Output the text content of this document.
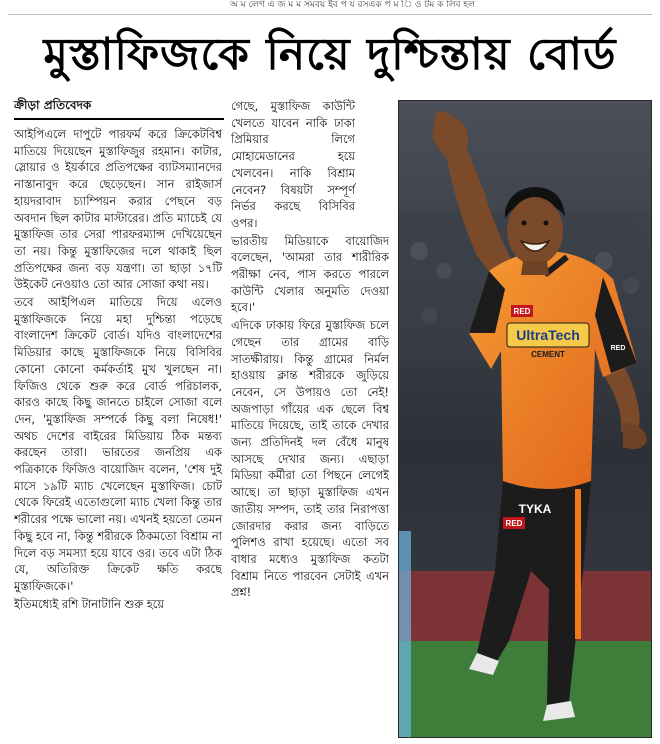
অ ম লেগ এ জ ম ম সমবয় ইব প য রসএক প ম ি ও টম ক লিব হল
মুস্তাফিজকে নিয়ে দুশ্চিন্তায় বোর্ড
ক্রীড়া প্রতিবেদক

আইপিএলে দাপুটে পারফর্ম করে ক্রিকেটবিশ্ব মাতিয়ে দিয়েছেন মুস্তাফিজুর রহমান। কাটার, স্লোয়ার ও ইয়র্কারে প্রতিপক্ষের ব্যাটসম্যানদের নাস্তানাবুদ করে ছেড়েছেন। সান রাইজার্স হায়দরাবাদ চ্যাম্পিয়ন করার পেছনে বড় অবদান ছিল কাটার মাস্টারের। প্রতি ম্যাচেই যে মুস্তাফিজ তার সেরা পারফরম্যান্স দেখিয়েছেন তা নয়। কিন্তু মুস্তাফিজের দলে থাকাই ছিল প্রতিপক্ষের জন্য বড় যন্ত্রণা। তা ছাড়া ১৭টি উইকেট নেওয়াও তো আর সোজা কথা নয়।

তবে আইপিএল মাতিয়ে দিয়ে এলেও মুস্তাফিজকে নিয়ে মহা দুশ্চিন্তা পড়েছে বাংলাদেশ ক্রিকেট বোর্ড। যদিও বাংলাদেশের মিডিয়ার কাছে মুস্তাফিজকে নিয়ে বিসিবির কোনো কোনো কর্মকর্তাই মুখ খুলছেন না। ফিজিও থেকে শুরু করে বোর্ড পরিচালক, কারও কাছে কিছু জানতে চাইলে সোজা বলে দেন, 'মুস্তাফিজ সম্পর্কে কিছু বলা নিষেধ!' অথচ দেশের বাইরের মিডিয়ায় ঠিক মন্তব্য করছেন তারা। ভারতের জনপ্রিয় এক পত্রিকাকে ফিজিও বায়োজিদ বলেন, 'শেষ দুই মাসে ১৯টি ম্যাচ খেলেছেন মুস্তাফিজ। চোট থেকে ফিরেই এতোগুলো ম্যাচ খেলা কিন্তু তার শরীরের পক্ষে ভালো নয়। এখনই হয়তো তেমন কিছু হবে না, কিন্তু শরীরকে ঠিকমতো বিশ্রাম না দিলে বড় সমস্যা হয়ে যাবে ওর। তবে এটা ঠিক যে, অতিরিক্ত ক্রিকেট ক্ষতি করছে মুস্তাফিজকে।'

ইতিমধ্যেই রশি টানাটানি শুরু হয়ে

গেছে, মুস্তাফিজ কাউন্টি খেলতে যাবেন নাকি ঢাকা প্রিমিয়ার লিগে মোহামেডানের হয়ে খেলবেন। নাকি বিশ্রাম নেবেন? বিষয়টা সম্পূর্ণ নির্ভর করছে বিসিবির ওপর।

ভারতীয় মিডিয়াকে বায়োজিদ বলেছেন, 'আমরা তার শারীরিক পরীক্ষা নেব, পাস করতে পারলে কাউন্টি খেলার অনুমতি দেওয়া হবে।'

এদিকে ঢাকায় ফিরে মুস্তাফিজ চলে গেছেন তার গ্রামের বাড়ি সাতক্ষীরায়। কিন্তু গ্রামের নির্মল হাওয়ায় ক্লান্ত শরীরকে জুড়িয়ে নেবেন, সে উপায়ও তো নেই! অজপাড়া গাঁয়ের এক ছেলে বিশ্ব মাতিয়ে দিয়েছে, তাই তাকে দেখার জন্য প্রতিদিনই দল বেঁধে মানুষ আসছে দেখার জন্য। এছাড়া মিডিয়া কর্মীরা তো পিছনে লেগেই আছে। তা ছাড়া মুস্তাফিজ এখন জাতীয় সম্পদ, তাই তার নিরাপত্তা জোরদার করার জন্য বাড়িতে পুলিশও রাখা হয়েছে। এতো সব বাধার মধ্যেও মুস্তাফিজ কতটা বিশ্রাম নিতে পারবেন সেটাই এখন প্রশ্ন!

UltraTech
CEMENT
RED
RED
TYKA
RED
